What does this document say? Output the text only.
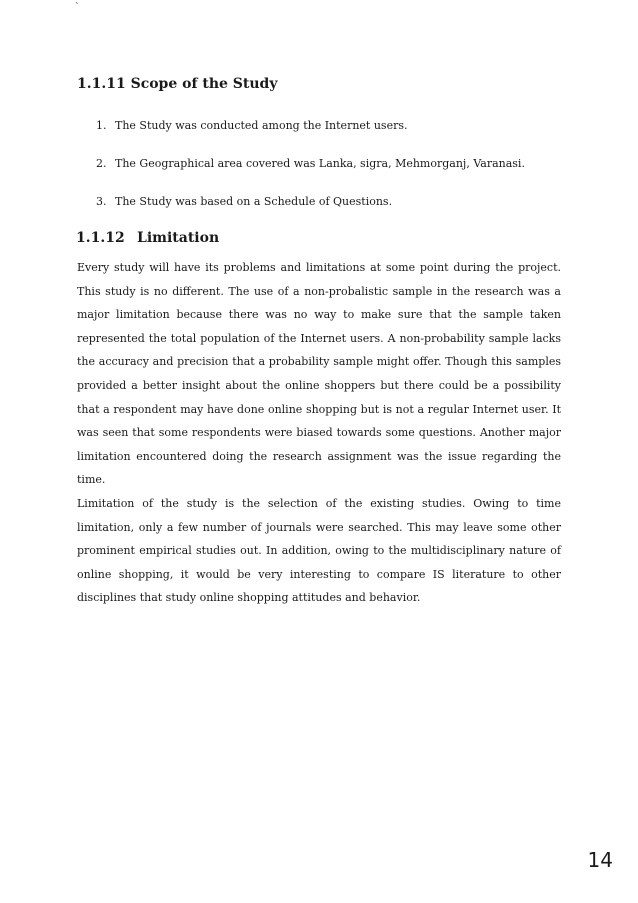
`
1.1.11 Scope of the Study
1. The Study was conducted among the Internet users.
2. The Geographical area covered was Lanka, sigra, Mehmorganj, Varanasi.
3. The Study was based on a Schedule of Questions.
1.1.12 Limitation

Every study will have its problems and limitations at some point during the project. This study is no different. The use of a non-probalistic sample in the research was a major limitation because there was no way to make sure that the sample taken represented the total population of the Internet users. A non-probability sample lacks the accuracy and precision that a probability sample might offer. Though this samples provided a better insight about the online shoppers but there could be a possibility that a respondent may have done online shopping but is not a regular Internet user. It was seen that some respondents were biased towards some questions. Another major limitation encountered doing the research assignment was the issue regarding the time.

Limitation of the study is the selection of the existing studies. Owing to time limitation, only a few number of journals were searched. This may leave some other prominent empirical studies out. In addition, owing to the multidisciplinary nature of online shopping, it would be very interesting to compare IS literature to other disciplines that study online shopping attitudes and behavior.

14
